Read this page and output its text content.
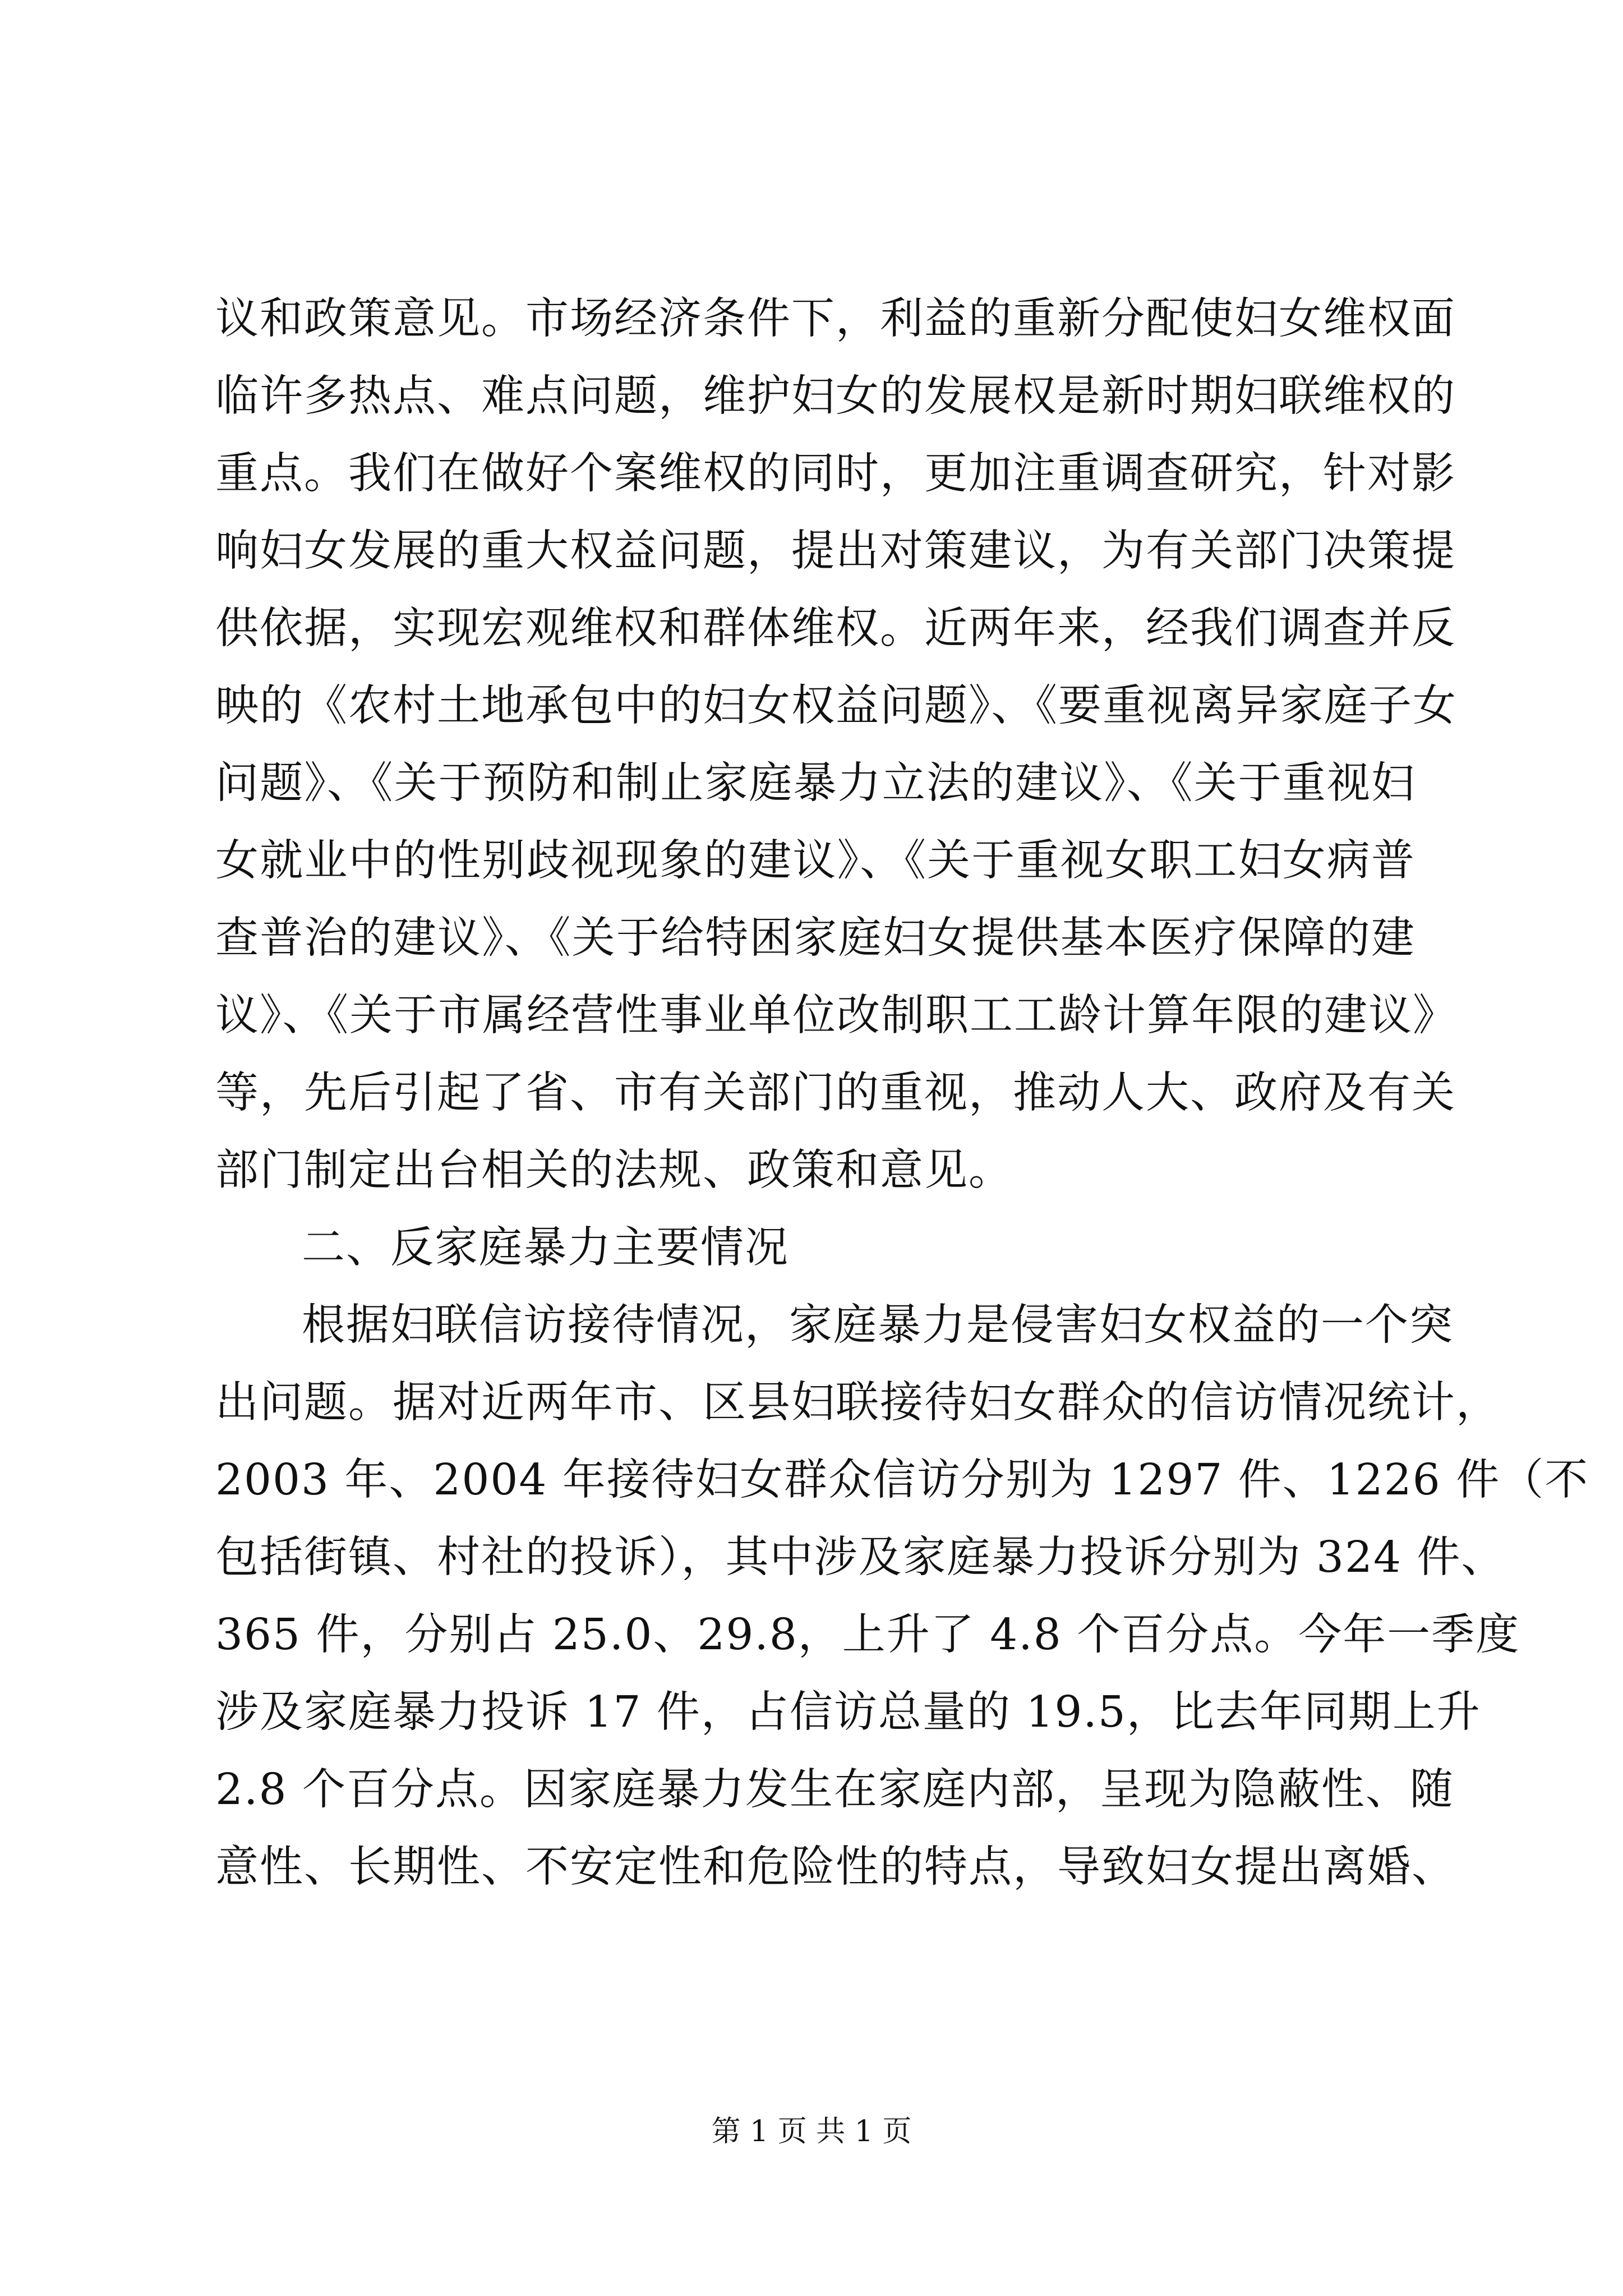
议和政策意见。市场经济条件下，利益的重新分配使妇女维权面
临许多热点、难点问题，维护妇女的发展权是新时期妇联维权的
重点。我们在做好个案维权的同时，更加注重调查研究，针对影
响妇女发展的重大权益问题，提出对策建议，为有关部门决策提
供依据，实现宏观维权和群体维权。近两年来，经我们调查并反
映的《农村土地承包中的妇女权益问题》、《要重视离异家庭子女
问题》、《关于预防和制止家庭暴力立法的建议》、《关于重视妇
女就业中的性别歧视现象的建议》、《关于重视女职工妇女病普
查普治的建议》、《关于给特困家庭妇女提供基本医疗保障的建
议》、《关于市属经营性事业单位改制职工工龄计算年限的建议》
等，先后引起了省、市有关部门的重视，推动人大、政府及有关
部门制定出台相关的法规、政策和意见。
二、反家庭暴力主要情况
根据妇联信访接待情况，家庭暴力是侵害妇女权益的一个突
出问题。据对近两年市、区县妇联接待妇女群众的信访情况统计，
2003 年、2004 年接待妇女群众信访分别为 1297 件、1226 件（不
包括街镇、村社的投诉），其中涉及家庭暴力投诉分别为 324 件、
365 件，分别占 25.0、29.8，上升了 4.8 个百分点。今年一季度
涉及家庭暴力投诉 17 件，占信访总量的 19.5，比去年同期上升
2.8 个百分点。因家庭暴力发生在家庭内部，呈现为隐蔽性、随
意性、长期性、不安定性和危险性的特点，导致妇女提出离婚、
第 1 页 共 1 页
